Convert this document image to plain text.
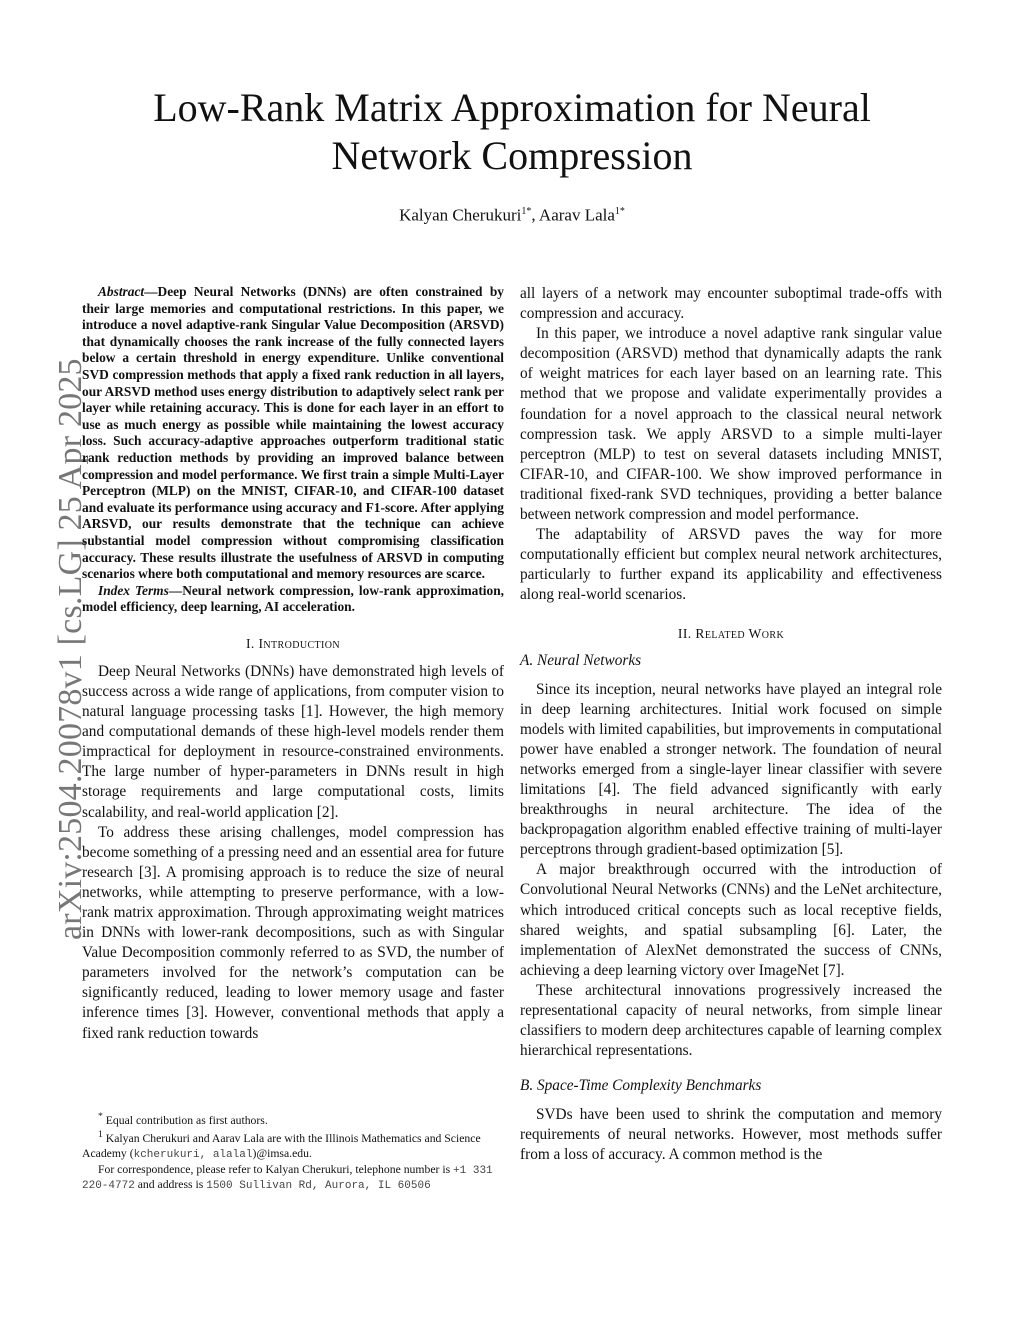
arXiv:2504.20078v1 [cs.LG] 25 Apr 2025
Low-Rank Matrix Approximation for Neural Network Compression
Kalyan Cherukuri$^{1*}$, Aarav Lala$^{1*}$

Abstract—Deep Neural Networks (DNNs) are often constrained by their large memories and computational restrictions. In this paper, we introduce a novel adaptive-rank Singular Value Decomposition (ARSVD) that dynamically chooses the rank increase of the fully connected layers below a certain threshold in energy expenditure. Unlike conventional SVD compression methods that apply a fixed rank reduction in all layers, our ARSVD method uses energy distribution to adaptively select rank per layer while retaining accuracy. This is done for each layer in an effort to use as much energy as possible while maintaining the lowest accuracy loss. Such accuracy-adaptive approaches outperform traditional static rank reduction methods by providing an improved balance between compression and model performance. We first train a simple Multi-Layer Perceptron (MLP) on the MNIST, CIFAR-10, and CIFAR-100 dataset and evaluate its performance using accuracy and F1-score. After applying ARSVD, our results demonstrate that the technique can achieve substantial model compression without compromising classification accuracy. These results illustrate the usefulness of ARSVD in computing scenarios where both computational and memory resources are scarce.

Index Terms—Neural network compression, low-rank approximation, model efficiency, deep learning, AI acceleration.

I. Introduction

Deep Neural Networks (DNNs) have demonstrated high levels of success across a wide range of applications, from computer vision to natural language processing tasks [1]. However, the high memory and computational demands of these high-level models render them impractical for deployment in resource-constrained environments. The large number of hyper-parameters in DNNs result in high storage requirements and large computational costs, limits scalability, and real-world application [2].

To address these arising challenges, model compression has become something of a pressing need and an essential area for future research [3]. A promising approach is to reduce the size of neural networks, while attempting to preserve performance, with a low-rank matrix approximation. Through approximating weight matrices in DNNs with lower-rank decompositions, such as with Singular Value Decomposition commonly referred to as SVD, the number of parameters involved for the network’s computation can be significantly reduced, leading to lower memory usage and faster inference times [3]. However, conventional methods that apply a fixed rank reduction towards

* Equal contribution as first authors.

$^1$ Kalyan Cherukuri and Aarav Lala are with the Illinois Mathematics and Science Academy (kcherukuri, alalal)@imsa.edu.

For correspondence, please refer to Kalyan Cherukuri, telephone number is +1 331 220-4772 and address is 1500 Sullivan Rd, Aurora, IL 60506

all layers of a network may encounter suboptimal trade-offs with compression and accuracy.

In this paper, we introduce a novel adaptive rank singular value decomposition (ARSVD) method that dynamically adapts the rank of weight matrices for each layer based on an learning rate. This method that we propose and validate experimentally provides a foundation for a novel approach to the classical neural network compression task. We apply ARSVD to a simple multi-layer perceptron (MLP) to test on several datasets including MNIST, CIFAR-10, and CIFAR-100. We show improved performance in traditional fixed-rank SVD techniques, providing a better balance between network compression and model performance.

The adaptability of ARSVD paves the way for more computationally efficient but complex neural network architectures, particularly to further expand its applicability and effectiveness along real-world scenarios.

II. Related Work
A. Neural Networks

Since its inception, neural networks have played an integral role in deep learning architectures. Initial work focused on simple models with limited capabilities, but improvements in computational power have enabled a stronger network. The foundation of neural networks emerged from a single-layer linear classifier with severe limitations [4]. The field advanced significantly with early breakthroughs in neural architecture. The idea of the backpropagation algorithm enabled effective training of multi-layer perceptrons through gradient-based optimization [5].

A major breakthrough occurred with the introduction of Convolutional Neural Networks (CNNs) and the LeNet architecture, which introduced critical concepts such as local receptive fields, shared weights, and spatial subsampling [6]. Later, the implementation of AlexNet demonstrated the success of CNNs, achieving a deep learning victory over ImageNet [7].

These architectural innovations progressively increased the representational capacity of neural networks, from simple linear classifiers to modern deep architectures capable of learning complex hierarchical representations.

B. Space-Time Complexity Benchmarks

SVDs have been used to shrink the computation and memory requirements of neural networks. However, most methods suffer from a loss of accuracy. A common method is the
